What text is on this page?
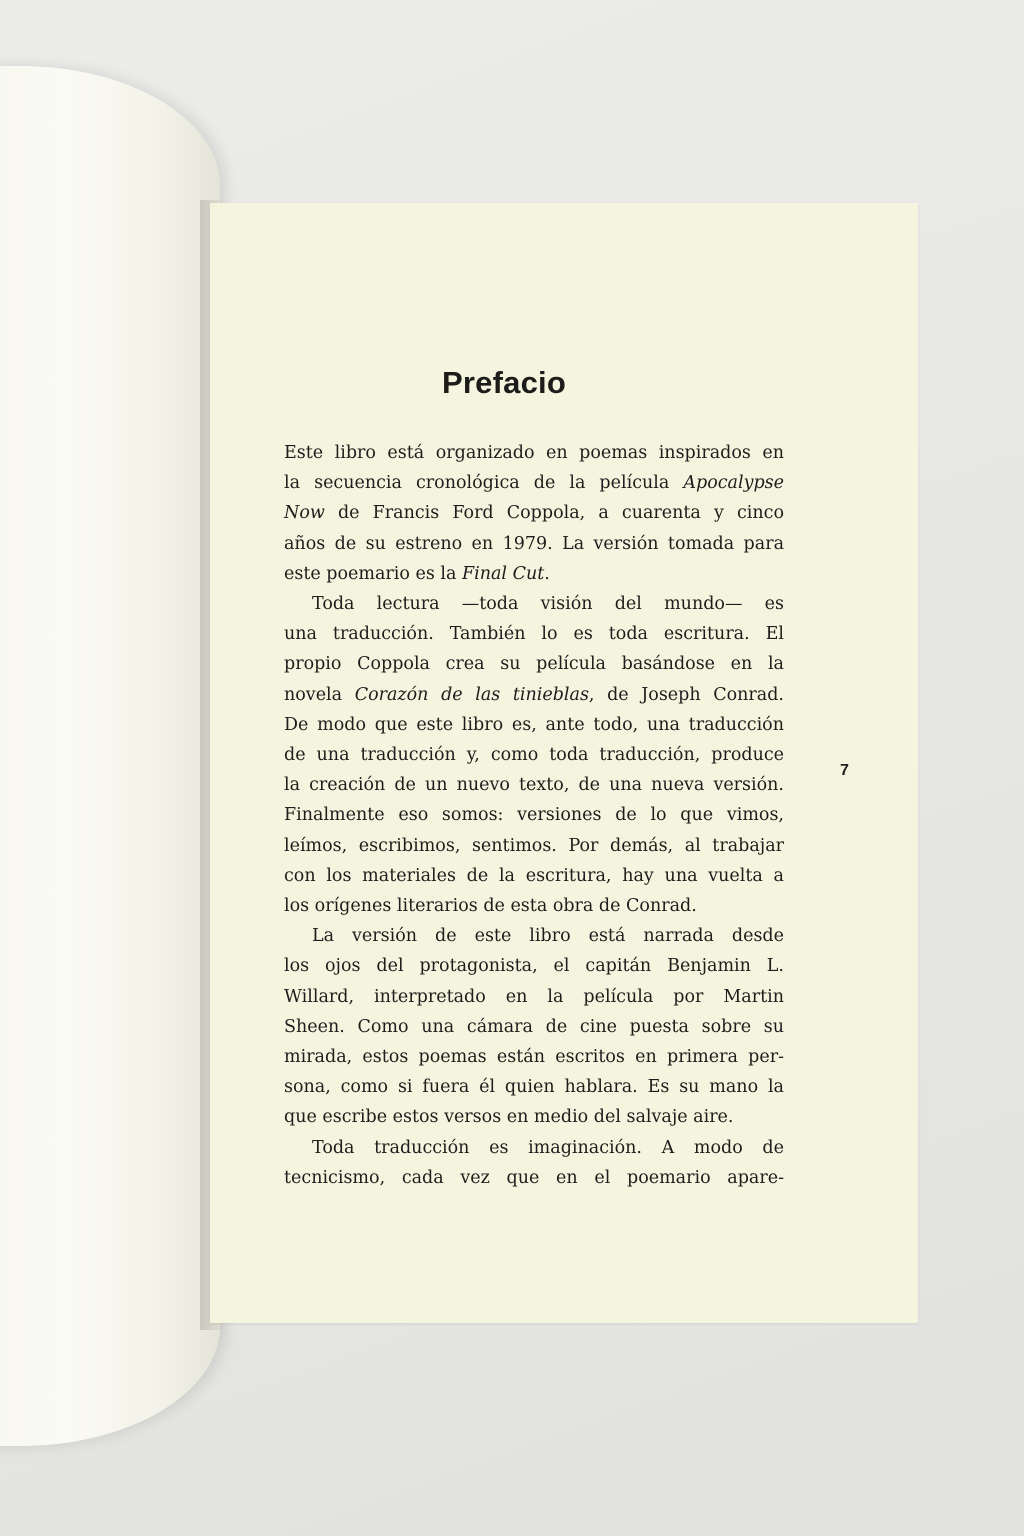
Prefacio
Este libro está organizado en poemas inspirados en
la secuencia cronológica de la película Apocalypse
Now de Francis Ford Coppola, a cuarenta y cinco
años de su estreno en 1979. La versión tomada para
este poemario es la Final Cut.
Toda lectura —toda visión del mundo— es
una traducción. También lo es toda escritura. El
propio Coppola crea su película basándose en la
novela Corazón de las tinieblas, de Joseph Conrad.
De modo que este libro es, ante todo, una traducción
de una traducción y, como toda traducción, produce
la creación de un nuevo texto, de una nueva versión.
Finalmente eso somos: versiones de lo que vimos,
leímos, escribimos, sentimos. Por demás, al trabajar
con los materiales de la escritura, hay una vuelta a
los orígenes literarios de esta obra de Conrad.
La versión de este libro está narrada desde
los ojos del protagonista, el capitán Benjamin L.
Willard, interpretado en la película por Martin
Sheen. Como una cámara de cine puesta sobre su
mirada, estos poemas están escritos en primera per-
sona, como si fuera él quien hablara. Es su mano la
que escribe estos versos en medio del salvaje aire.
Toda traducción es imaginación. A modo de
tecnicismo, cada vez que en el poemario apare-
7
